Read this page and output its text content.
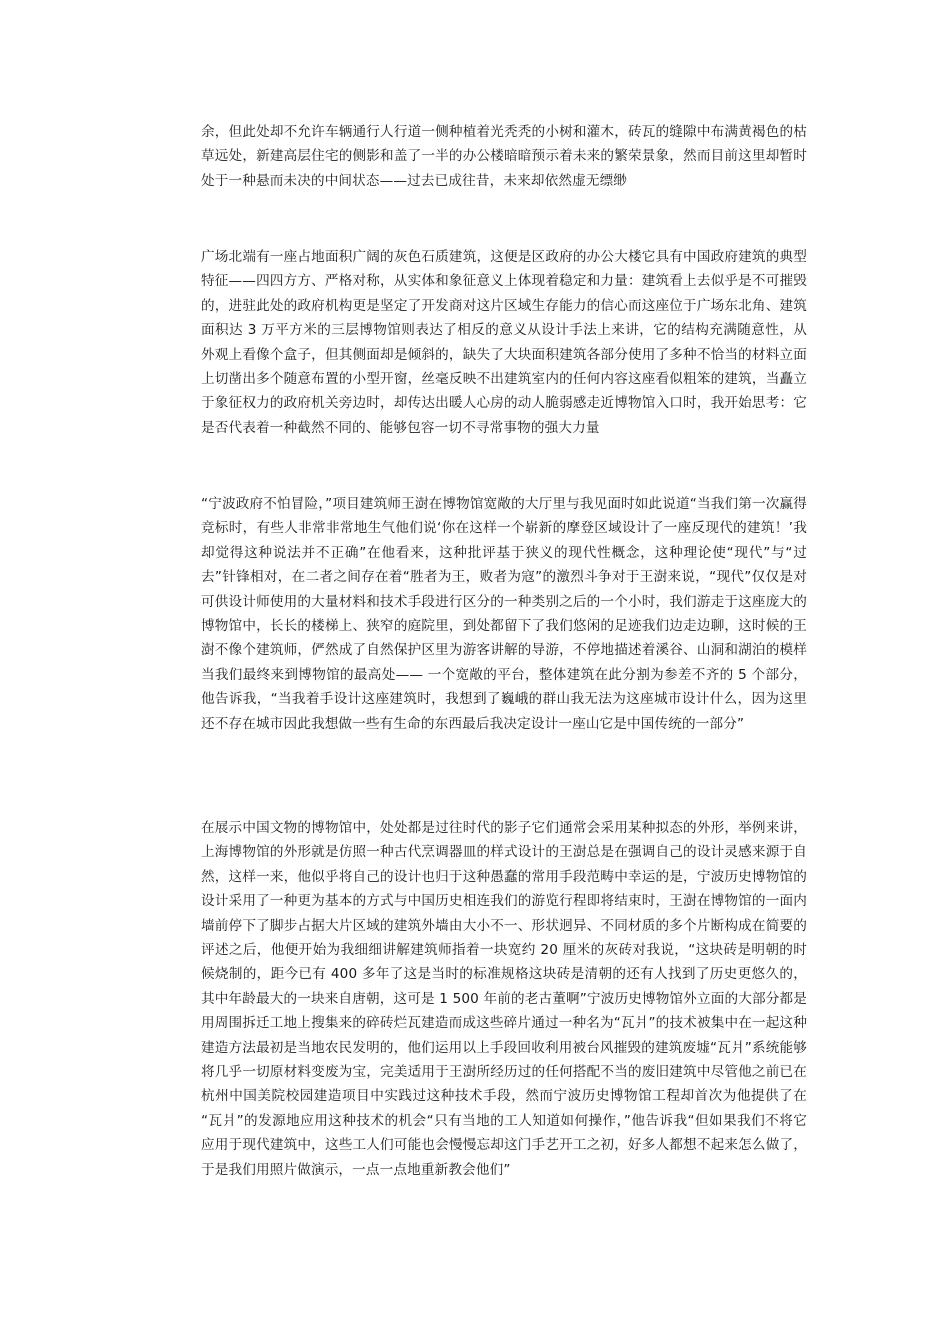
余，但此处却不允许车辆通行人行道一侧种植着光秃秃的小树和灌木，砖瓦的缝隙中布满黄褐色的枯草远处，新建高层住宅的侧影和盖了一半的办公楼暗暗预示着未来的繁荣景象，然而目前这里却暂时处于一种悬而未决的中间状态——过去已成往昔，未来却依然虚无缥缈

广场北端有一座占地面积广阔的灰色石质建筑，这便是区政府的办公大楼它具有中国政府建筑的典型特征——四四方方、严格对称，从实体和象征意义上体现着稳定和力量：建筑看上去似乎是不可摧毁的，进驻此处的政府机构更是坚定了开发商对这片区域生存能力的信心而这座位于广场东北角、建筑面积达 3 万平方米的三层博物馆则表达了相反的意义从设计手法上来讲，它的结构充满随意性，从外观上看像个盒子，但其侧面却是倾斜的，缺失了大块面积建筑各部分使用了多种不恰当的材料立面上切凿出多个随意布置的小型开窗，丝毫反映不出建筑室内的任何内容这座看似粗笨的建筑，当矗立于象征权力的政府机关旁边时，却传达出暖人心房的动人脆弱感走近博物馆入口时，我开始思考：它是否代表着一种截然不同的、能够包容一切不寻常事物的强大力量

“宁波政府不怕冒险，”项目建筑师王澍在博物馆宽敞的大厅里与我见面时如此说道“当我们第一次赢得竞标时，有些人非常非常地生气他们说‘你在这样一个崭新的摩登区域设计了一座反现代的建筑！’我却觉得这种说法并不正确”在他看来，这种批评基于狭义的现代性概念，这种理论使“现代”与“过去”针锋相对，在二者之间存在着“胜者为王，败者为寇”的激烈斗争对于王澍来说，“现代”仅仅是对可供设计师使用的大量材料和技术手段进行区分的一种类别之后的一个小时，我们游走于这座庞大的博物馆中，长长的楼梯上、狭窄的庭院里，到处都留下了我们悠闲的足迹我们边走边聊，这时候的王澍不像个建筑师，俨然成了自然保护区里为游客讲解的导游，不停地描述着溪谷、山洞和湖泊的模样当我们最终来到博物馆的最高处—— 一个宽敞的平台，整体建筑在此分割为参差不齐的 5 个部分，他告诉我，“当我着手设计这座建筑时，我想到了巍峨的群山我无法为这座城市设计什么，因为这里还不存在城市因此我想做一些有生命的东西最后我决定设计一座山它是中国传统的一部分”

在展示中国文物的博物馆中，处处都是过往时代的影子它们通常会采用某种拟态的外形，举例来讲，上海博物馆的外形就是仿照一种古代烹调器皿的样式设计的王澍总是在强调自己的设计灵感来源于自然，这样一来，他似乎将自己的设计也归于这种愚蠢的常用手段范畴中幸运的是，宁波历史博物馆的设计采用了一种更为基本的方式与中国历史相连我们的游览行程即将结束时，王澍在博物馆的一面内墙前停下了脚步占据大片区域的建筑外墙由大小不一、形状迥异、不同材质的多个片断构成在简要的评述之后，他便开始为我细细讲解建筑师指着一块宽约 20 厘米的灰砖对我说，“这块砖是明朝的时候烧制的，距今已有 400 多年了这是当时的标准规格这块砖是清朝的还有人找到了历史更悠久的，其中年龄最大的一块来自唐朝，这可是 1 500 年前的老古董啊”宁波历史博物馆外立面的大部分都是用周围拆迁工地上搜集来的碎砖烂瓦建造而成这些碎片通过一种名为“瓦爿”的技术被集中在一起这种建造方法最初是当地农民发明的，他们运用以上手段回收利用被台风摧毁的建筑废墟“瓦爿”系统能够将几乎一切原材料变废为宝，完美适用于王澍所经历过的任何搭配不当的废旧建筑中尽管他之前已在杭州中国美院校园建造项目中实践过这种技术手段，然而宁波历史博物馆工程却首次为他提供了在 “瓦爿”的发源地应用这种技术的机会“只有当地的工人知道如何操作，”他告诉我“但如果我们不将它应用于现代建筑中，这些工人们可能也会慢慢忘却这门手艺开工之初，好多人都想不起来怎么做了，于是我们用照片做演示，一点一点地重新教会他们”
